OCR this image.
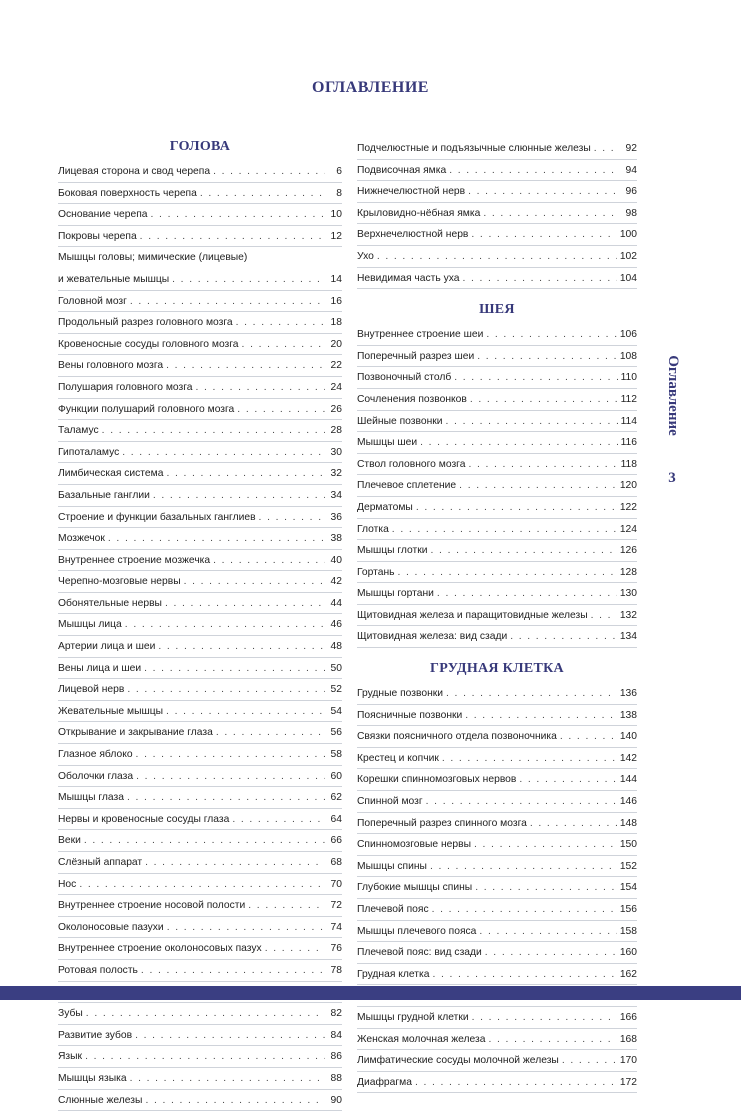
ОГЛАВЛЕНИЕ
ГОЛОВА
Лицевая сторона и свод черепа . . .	6
Боковая поверхность черепа . . .	8
Основание черепа . . .	10
Покровы черепа . . .	12
Мышцы головы; мимические (лицевые)
и жевательные мышцы . . .	14
Головной мозг . . .	16
Продольный разрез головного мозга . . .	18
Кровеносные сосуды головного мозга . . .	20
Вены головного мозга . . .	22
Полушария головного мозга . . .	24
Функции полушарий головного мозга . . .	26
Таламус . . .	28
Гипоталамус . . .	30
Лимбическая система . . .	32
Базальные ганглии . . .	34
Строение и функции базальных ганглиев . . .	36
Мозжечок . . .	38
Внутреннее строение мозжечка . . .	40
Черепно-мозговые нервы . . .	42
Обонятельные нервы . . .	44
Мышцы лица . . .	46
Артерии лица и шеи . . .	48
Вены лица и шеи . . .	50
Лицевой нерв . . .	52
Жевательные мышцы . . .	54
Открывание и закрывание глаза . . .	56
Глазное яблоко . . .	58
Оболочки глаза . . .	60
Мышцы глаза . . .	62
Нервы и кровеносные сосуды глаза . . .	64
Веки . . .	66
Слёзный аппарат . . .	68
Нос . . .	70
Внутреннее строение носовой полости . . .	72
Околоносовые пазухи . . .	74
Внутреннее строение околоносовых пазух . . .	76
Ротовая полость . . .	78
. . .
Зубы . . .	82
Развитие зубов . . .	84
Язык . . .	86
Мышцы языка . . .	88
Слюнные железы . . .	90
Подчелюстные и подъязычные слюнные железы . . .	92
Подвисочная ямка . . .	94
Нижнечелюстной нерв . . .	96
Крыловидно-нёбная ямка . . .	98
Верхнечелюстной нерв . . .	100
Ухо . . .	102
Невидимая часть уха . . .	104
ШЕЯ
Внутреннее строение шеи . . .	106
Поперечный разрез шеи . . .	108
Позвоночный столб . . .	110
Сочленения позвонков . . .	112
Шейные позвонки . . .	114
Мышцы шеи . . .	116
Ствол головного мозга . . .	118
Плечевое сплетение . . .	120
Дерматомы . . .	122
Глотка . . .	124
Мышцы глотки . . .	126
Гортань . . .	128
Мышцы гортани . . .	130
Щитовидная железа и паращитовидные железы . . .	132
Щитовидная железа: вид сзади . . .	134
ГРУДНАЯ КЛЕТКА
Грудные позвонки . . .	136
Поясничные позвонки . . .	138
Связки поясничного отдела позвоночника . . .	140
Крестец и копчик . . .	142
Корешки спинномозговых нервов . . .	144
Спинной мозг . . .	146
Поперечный разрез спинного мозга . . .	148
Спинномозговые нервы . . .	150
Мышцы спины . . .	152
Глубокие мышцы спины . . .	154
Плечевой пояс . . .	156
Мышцы плечевого пояса . . .	158
Плечевой пояс: вид сзади . . .	160
Грудная клетка . . .	162
. . .
Мышцы грудной клетки . . .	166
Женская молочная железа . . .	168
Лимфатические сосуды молочной железы . . .	170
Диафрагма . . .	172
Оглавление
3
